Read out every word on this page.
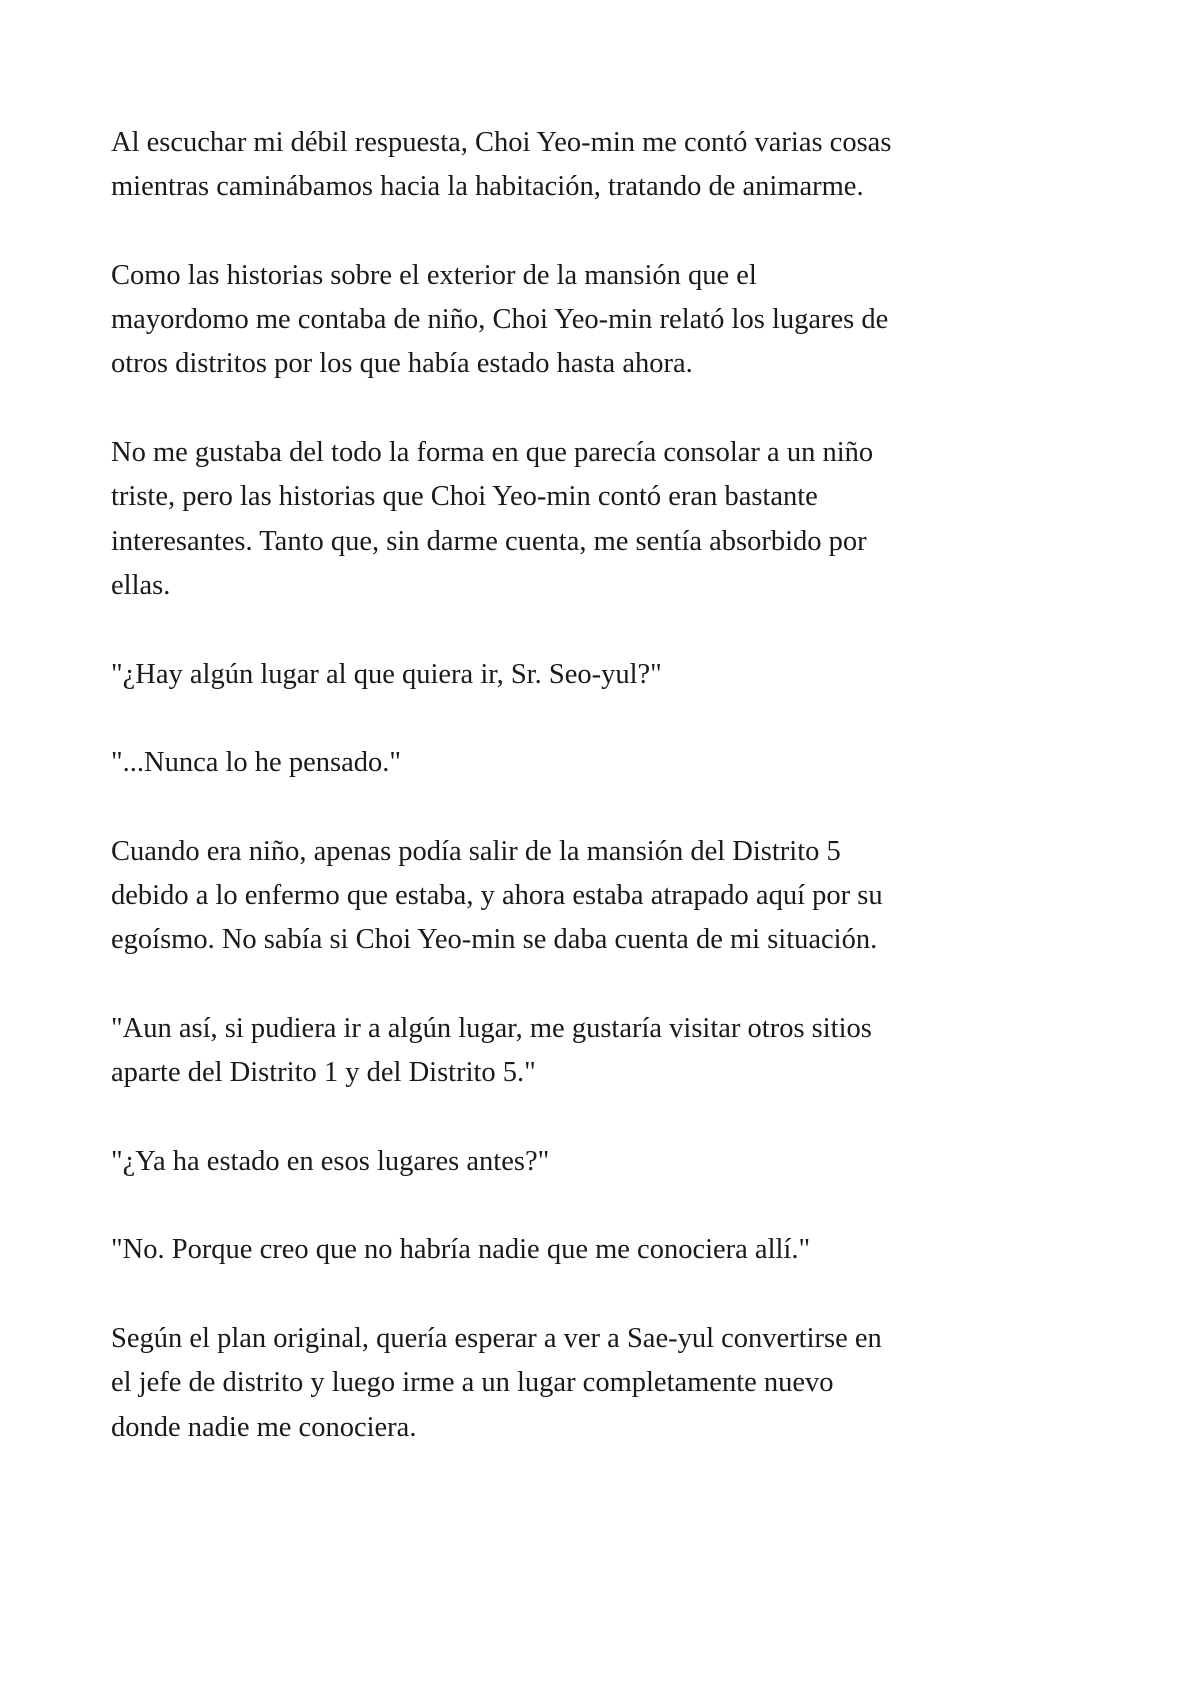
Al escuchar mi débil respuesta, Choi Yeo-min me contó varias cosas
mientras caminábamos hacia la habitación, tratando de animarme.

Como las historias sobre el exterior de la mansión que el
mayordomo me contaba de niño, Choi Yeo-min relató los lugares de
otros distritos por los que había estado hasta ahora.

No me gustaba del todo la forma en que parecía consolar a un niño
triste, pero las historias que Choi Yeo-min contó eran bastante
interesantes. Tanto que, sin darme cuenta, me sentía absorbido por
ellas.

"¿Hay algún lugar al que quiera ir, Sr. Seo-yul?"

"...Nunca lo he pensado."

Cuando era niño, apenas podía salir de la mansión del Distrito 5
debido a lo enfermo que estaba, y ahora estaba atrapado aquí por su
egoísmo. No sabía si Choi Yeo-min se daba cuenta de mi situación.

"Aun así, si pudiera ir a algún lugar, me gustaría visitar otros sitios
aparte del Distrito 1 y del Distrito 5."

"¿Ya ha estado en esos lugares antes?"

"No. Porque creo que no habría nadie que me conociera allí."

Según el plan original, quería esperar a ver a Sae-yul convertirse en
el jefe de distrito y luego irme a un lugar completamente nuevo
donde nadie me conociera.
